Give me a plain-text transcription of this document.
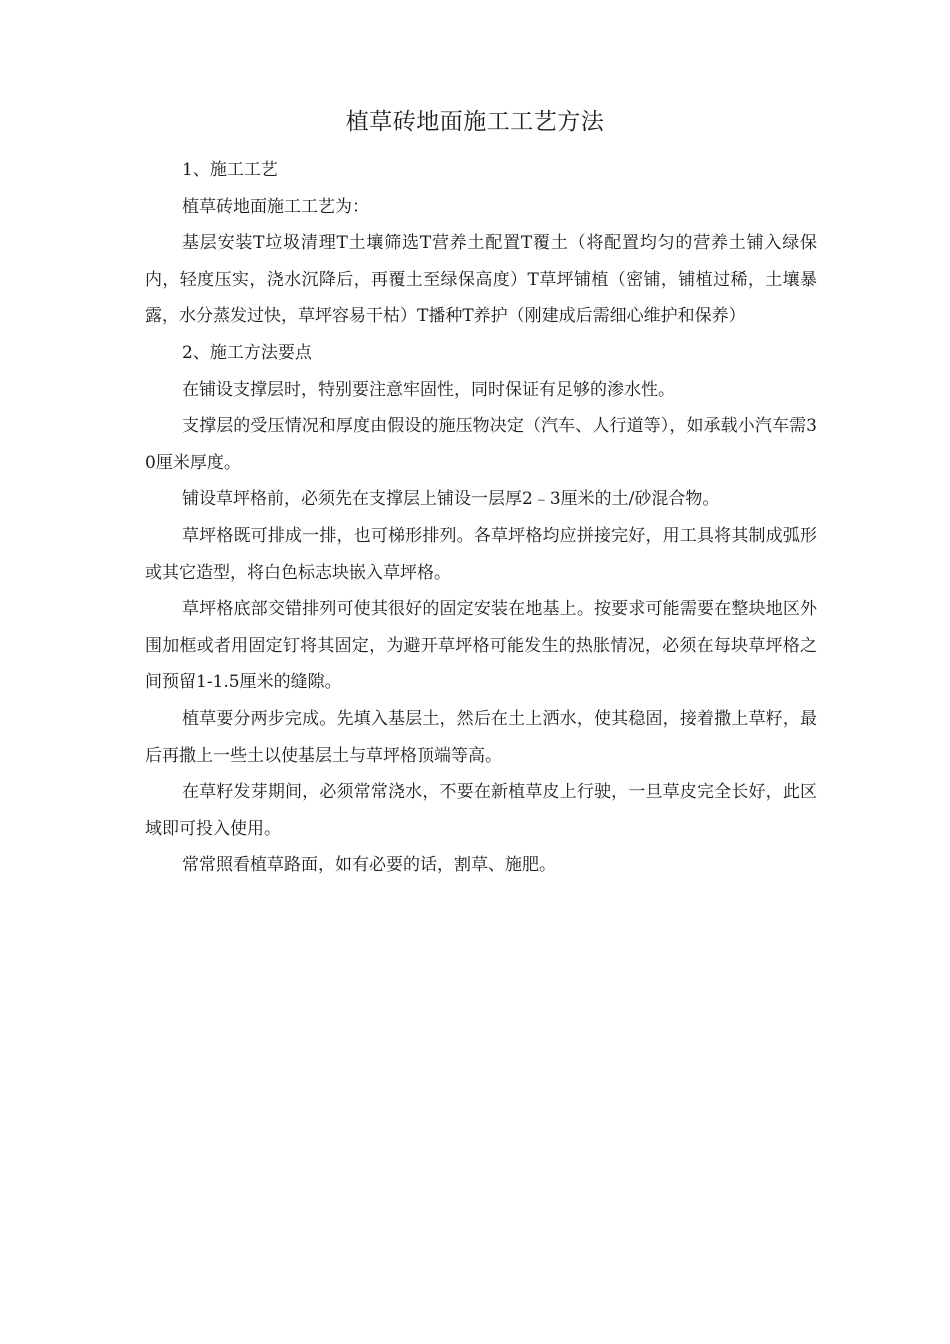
植草砖地面施工工艺方法

1、施工工艺

植草砖地面施工工艺为：

基层安装T垃圾清理T土壤筛选T营养土配置T覆土（将配置均匀的营养土铺入绿保内，轻度压实，浇水沉降后，再覆土至绿保高度）T草坪铺植（密铺，铺植过稀，土壤暴露，水分蒸发过快，草坪容易干枯）T播种T养护（刚建成后需细心维护和保养）

2、施工方法要点

在铺设支撑层时，特别要注意牢固性，同时保证有足够的渗水性。

支撑层的受压情况和厚度由假设的施压物决定（汽车、人行道等），如承载小汽车需30厘米厚度。

铺设草坪格前，必须先在支撑层上铺设一层厚2﹣3厘米的土/砂混合物。

草坪格既可排成一排，也可梯形排列。各草坪格均应拼接完好，用工具将其制成弧形或其它造型，将白色标志块嵌入草坪格。

草坪格底部交错排列可使其很好的固定安装在地基上。按要求可能需要在整块地区外围加框或者用固定钉将其固定，为避开草坪格可能发生的热胀情况，必须在每块草坪格之间预留1-1.5厘米的缝隙。

植草要分两步完成。先填入基层土，然后在土上洒水，使其稳固，接着撒上草籽，最后再撒上一些土以使基层土与草坪格顶端等高。

在草籽发芽期间，必须常常浇水，不要在新植草皮上行驶，一旦草皮完全长好，此区域即可投入使用。

常常照看植草路面，如有必要的话，割草、施肥。
